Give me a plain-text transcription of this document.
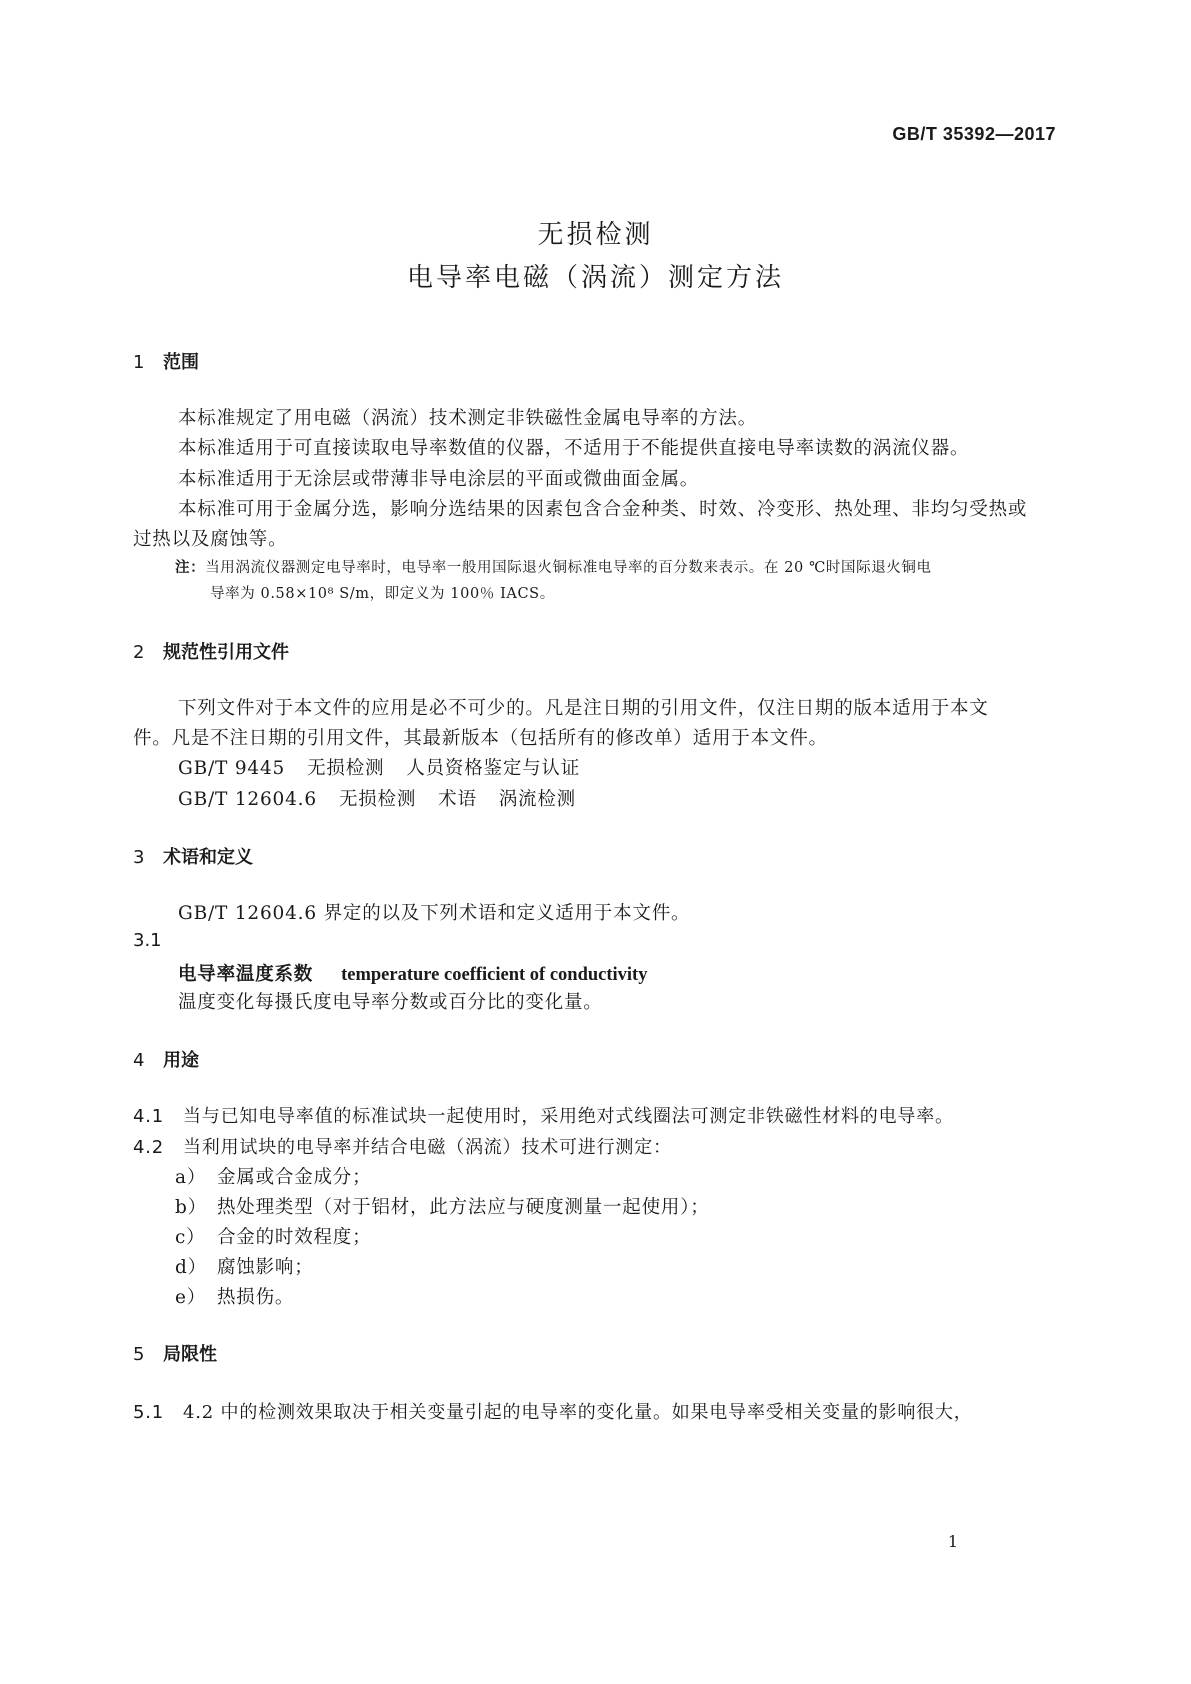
GB/T 35392—2017
无损检测
电导率电磁（涡流）测定方法
1 范围
本标准规定了用电磁（涡流）技术测定非铁磁性金属电导率的方法。
本标准适用于可直接读取电导率数值的仪器，不适用于不能提供直接电导率读数的涡流仪器。
本标准适用于无涂层或带薄非导电涂层的平面或微曲面金属。
本标准可用于金属分选，影响分选结果的因素包含合金种类、时效、冷变形、热处理、非均匀受热或
过热以及腐蚀等。
注：当用涡流仪器测定电导率时，电导率一般用国际退火铜标准电导率的百分数来表示。在 20 ℃时国际退火铜电
导率为 0.58×10⁸ S/m，即定义为 100％ IACS。
2 规范性引用文件
下列文件对于本文件的应用是必不可少的。凡是注日期的引用文件，仅注日期的版本适用于本文
件。凡是不注日期的引用文件，其最新版本（包括所有的修改单）适用于本文件。
GB/T 9445 无损检测 人员资格鉴定与认证
GB/T 12604.6 无损检测 术语 涡流检测
3 术语和定义
GB/T 12604.6 界定的以及下列术语和定义适用于本文件。
3.1
电导率温度系数 temperature coefficient of conductivity
温度变化每摄氏度电导率分数或百分比的变化量。
4 用途
4.1 当与已知电导率值的标准试块一起使用时，采用绝对式线圈法可测定非铁磁性材料的电导率。
4.2 当利用试块的电导率并结合电磁（涡流）技术可进行测定：
a） 金属或合金成分；
b） 热处理类型（对于铝材，此方法应与硬度测量一起使用）；
c） 合金的时效程度；
d） 腐蚀影响；
e） 热损伤。
5 局限性
5.1 4.2 中的检测效果取决于相关变量引起的电导率的变化量。如果电导率受相关变量的影响很大，
1
